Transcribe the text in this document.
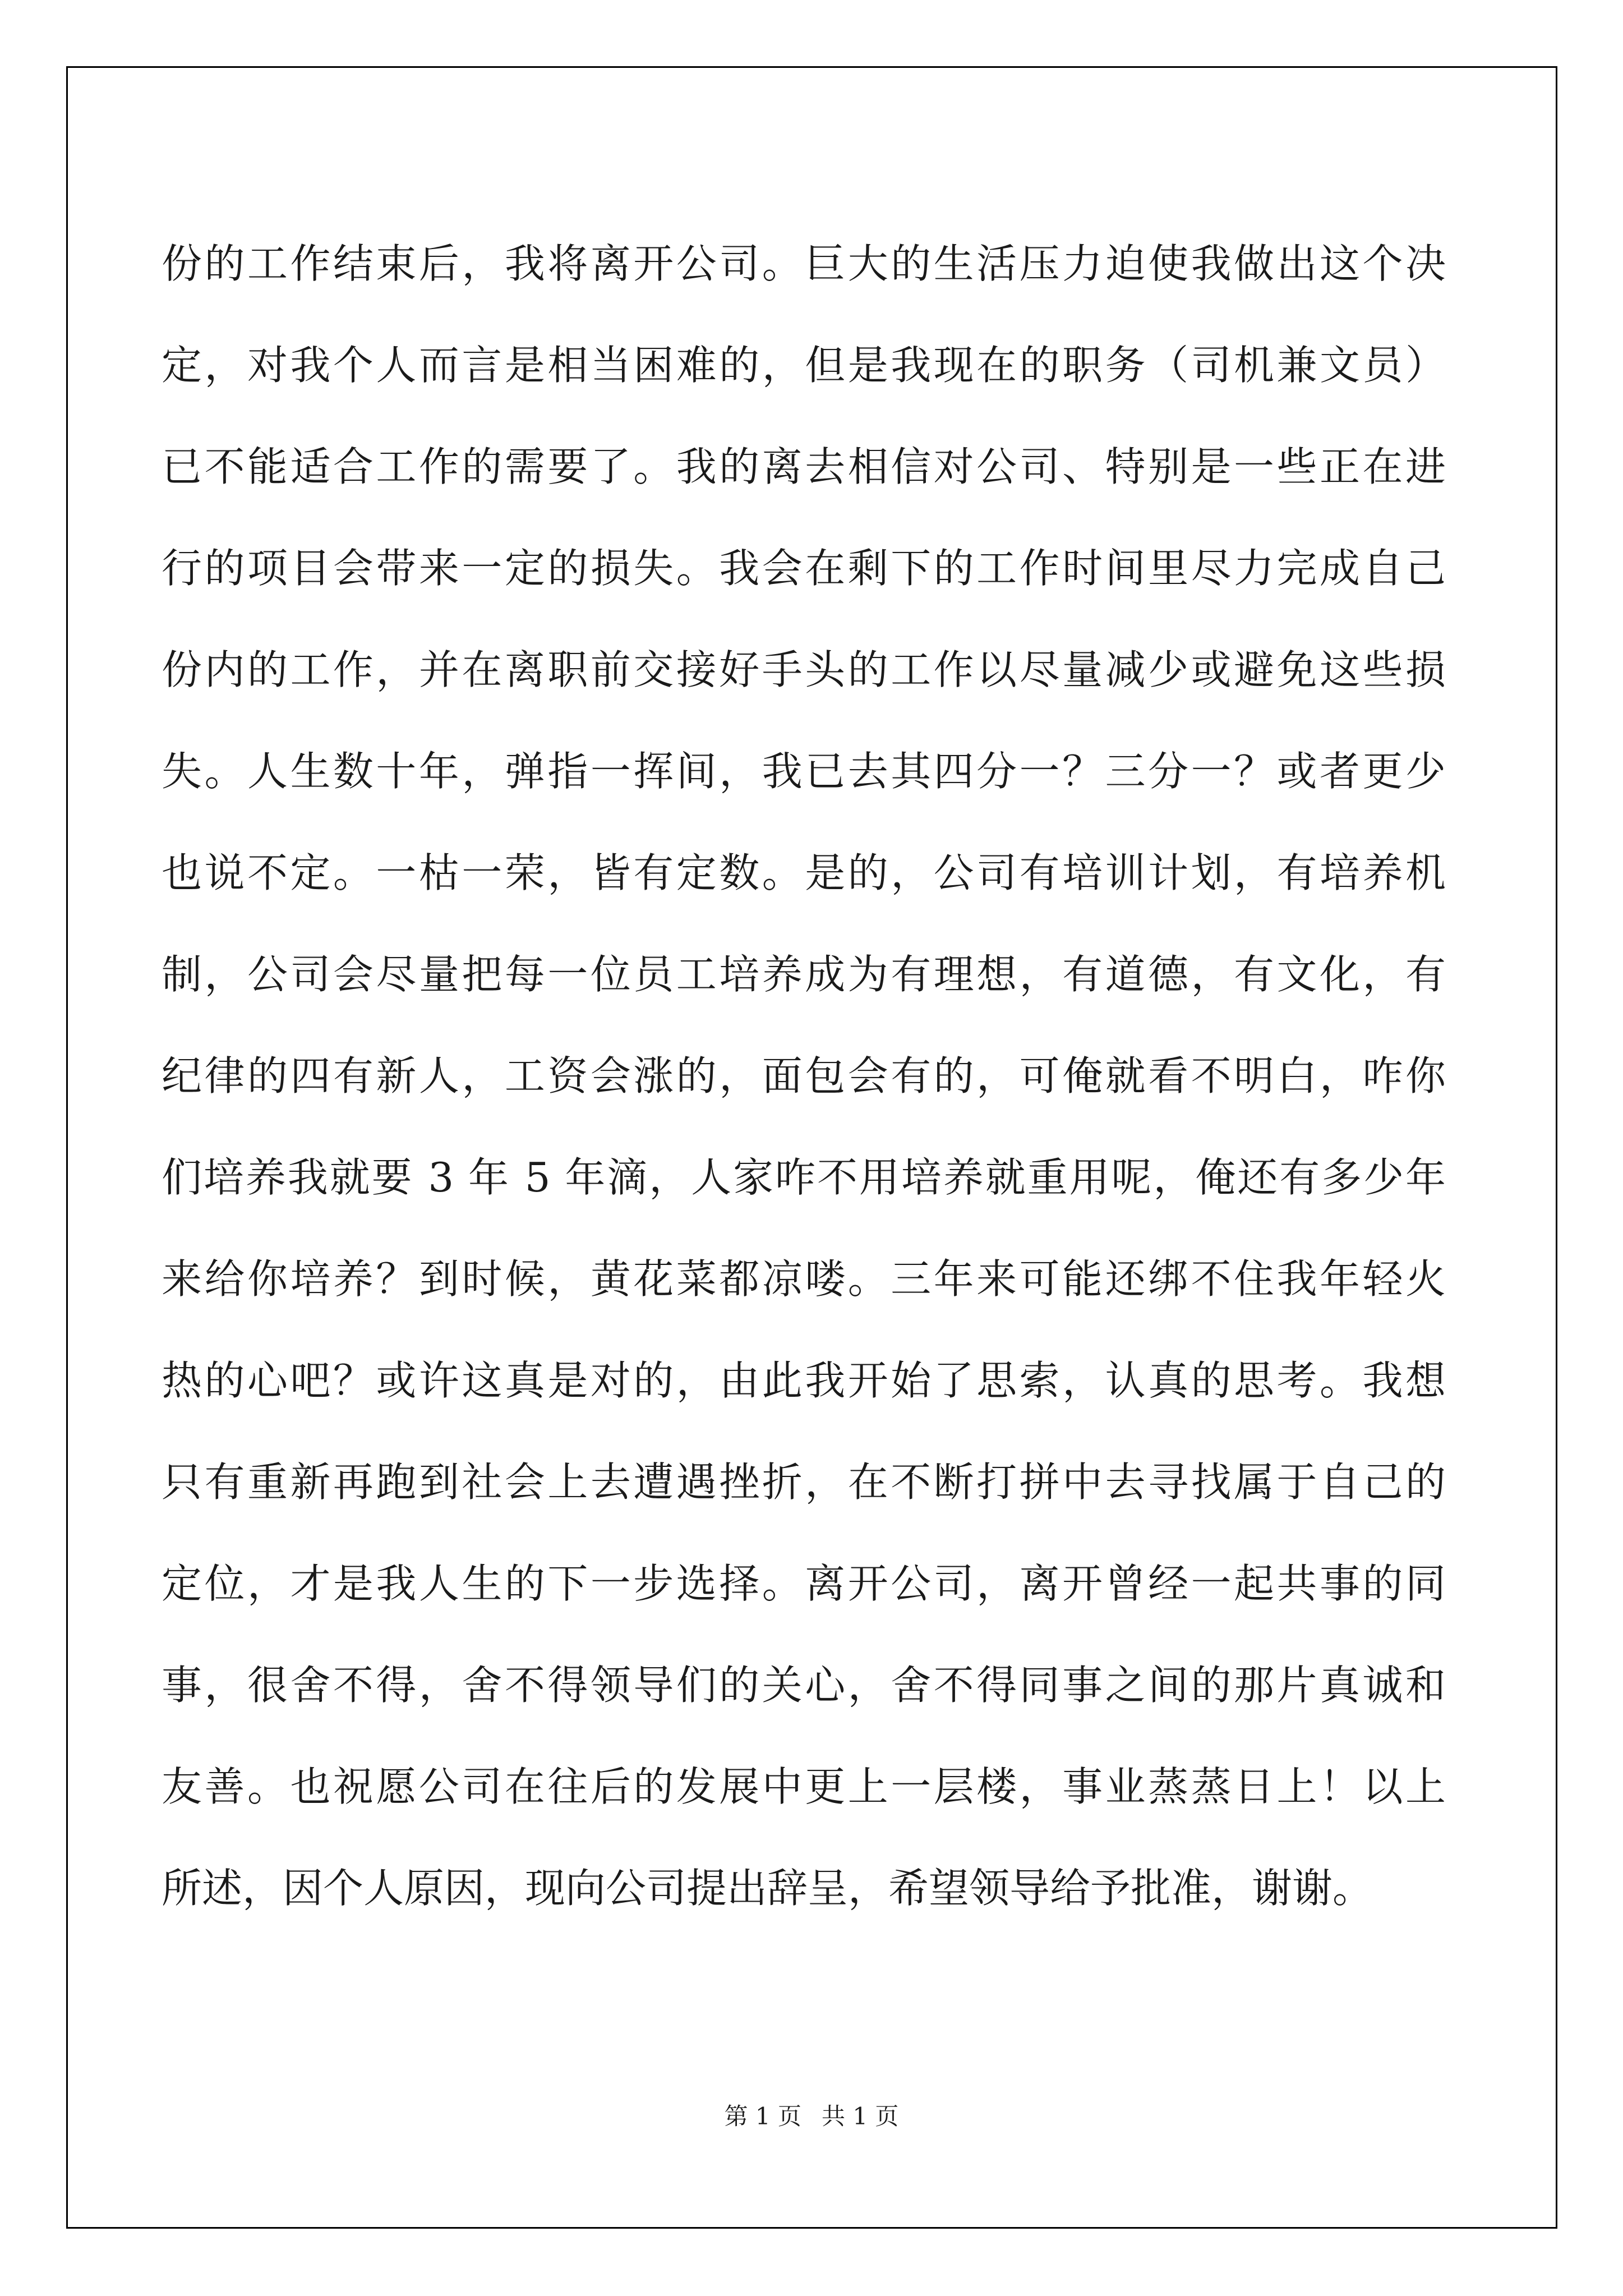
份的工作结束后，我将离开公司。巨大的生活压力迫使我做出这个决
定，对我个人而言是相当困难的，但是我现在的职务（司机兼文员）
已不能适合工作的需要了。我的离去相信对公司、特别是一些正在进
行的项目会带来一定的损失。我会在剩下的工作时间里尽力完成自己
份内的工作，并在离职前交接好手头的工作以尽量减少或避免这些损
失。人生数十年，弹指一挥间，我已去其四分一？三分一？或者更少
也说不定。一枯一荣，皆有定数。是的，公司有培训计划，有培养机
制，公司会尽量把每一位员工培养成为有理想，有道德，有文化，有
纪律的四有新人，工资会涨的，面包会有的，可俺就看不明白，咋你
们培养我就要 3 年 5 年滴，人家咋不用培养就重用呢，俺还有多少年
来给你培养？到时候，黄花菜都凉喽。三年来可能还绑不住我年轻火
热的心吧？或许这真是对的，由此我开始了思索，认真的思考。我想
只有重新再跑到社会上去遭遇挫折，在不断打拼中去寻找属于自己的
定位，才是我人生的下一步选择。离开公司，离开曾经一起共事的同
事，很舍不得，舍不得领导们的关心，舍不得同事之间的那片真诚和
友善。也祝愿公司在往后的发展中更上一层楼，事业蒸蒸日上！以上
所述，因个人原因，现向公司提出辞呈，希望领导给予批准，谢谢。
第 1 页 共 1 页
